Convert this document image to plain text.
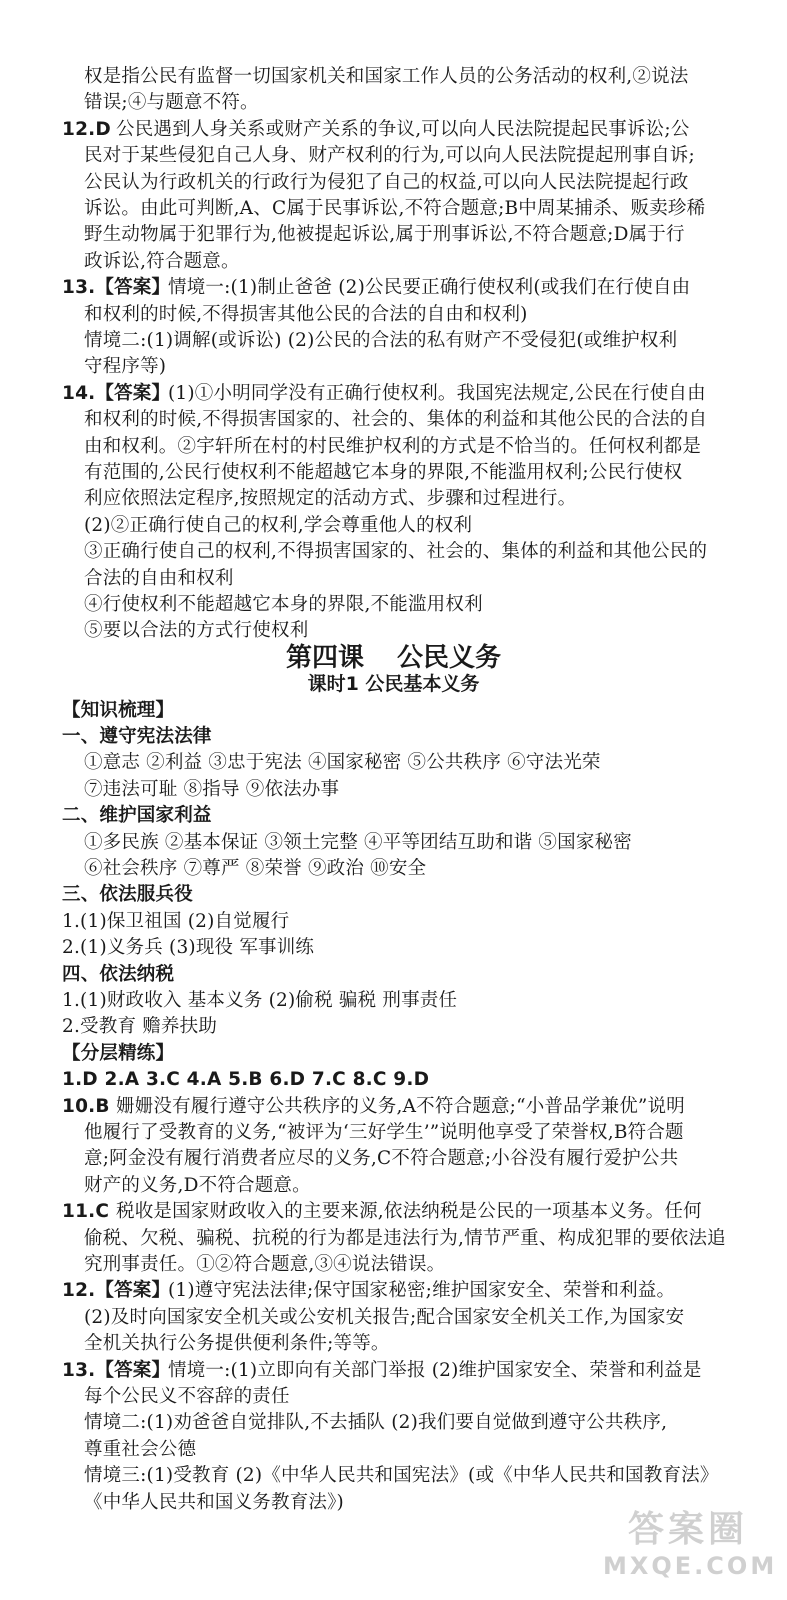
权是指公民有监督一切国家机关和国家工作人员的公务活动的权利,②说法
错误;④与题意不符。
12.D 公民遇到人身关系或财产关系的争议,可以向人民法院提起民事诉讼;公
民对于某些侵犯自己人身、财产权利的行为,可以向人民法院提起刑事自诉;
公民认为行政机关的行政行为侵犯了自己的权益,可以向人民法院提起行政
诉讼。由此可判断,A、C属于民事诉讼,不符合题意;B中周某捕杀、贩卖珍稀
野生动物属于犯罪行为,他被提起诉讼,属于刑事诉讼,不符合题意;D属于行
政诉讼,符合题意。
13.【答案】
情境一:(1)制止爸爸 (2)公民要正确行使权利(或我们在行使自由
和权利的时候,不得损害其他公民的合法的自由和权利)
情境二:(1)调解(或诉讼) (2)公民的合法的私有财产不受侵犯(或维护权利
守程序等)
14.【答案】
(1)①小明同学没有正确行使权利。我国宪法规定,公民在行使自由
和权利的时候,不得损害国家的、社会的、集体的利益和其他公民的合法的自
由和权利。②宇轩所在村的村民维护权利的方式是不恰当的。任何权利都是
有范围的,公民行使权利不能超越它本身的界限,不能滥用权利;公民行使权
利应依照法定程序,按照规定的活动方式、步骤和过程进行。
(2)②正确行使自己的权利,学会尊重他人的权利
③正确行使自己的权利,不得损害国家的、社会的、集体的利益和其他公民的
合法的自由和权利
④行使权利不能超越它本身的界限,不能滥用权利
⑤要以合法的方式行使权利
第四课 公民义务
课时1 公民基本义务
【知识梳理】
一、遵守宪法法律
①意志 ②利益 ③忠于宪法 ④国家秘密 ⑤公共秩序 ⑥守法光荣
⑦违法可耻 ⑧指导 ⑨依法办事
二、维护国家利益
①多民族 ②基本保证 ③领土完整 ④平等团结互助和谐 ⑤国家秘密
⑥社会秩序 ⑦尊严 ⑧荣誉 ⑨政治 ⑩安全
三、依法服兵役
1.(1)保卫祖国 (2)自觉履行
2.(1)义务兵 (3)现役 军事训练
四、依法纳税
1.(1)财政收入 基本义务 (2)偷税 骗税 刑事责任
2.受教育 赡养扶助
【分层精练】
1.D 2.A 3.C 4.A 5.B 6.D 7.C 8.C 9.D
10.B 姗姗没有履行遵守公共秩序的义务,A不符合题意;“小普品学兼优”说明
他履行了受教育的义务,“被评为‘三好学生’”说明他享受了荣誉权,B符合题
意;阿金没有履行消费者应尽的义务,C不符合题意;小谷没有履行爱护公共
财产的义务,D不符合题意。
11.C 税收是国家财政收入的主要来源,依法纳税是公民的一项基本义务。任何
偷税、欠税、骗税、抗税的行为都是违法行为,情节严重、构成犯罪的要依法追
究刑事责任。①②符合题意,③④说法错误。
12.【答案】
(1)遵守宪法法律;保守国家秘密;维护国家安全、荣誉和利益。
(2)及时向国家安全机关或公安机关报告;配合国家安全机关工作,为国家安
全机关执行公务提供便利条件;等等。
13.【答案】
情境一:(1)立即向有关部门举报 (2)维护国家安全、荣誉和利益是
每个公民义不容辞的责任
情境二:(1)劝爸爸自觉排队,不去插队 (2)我们要自觉做到遵守公共秩序,
尊重社会公德
情境三:(1)受教育 (2)《中华人民共和国宪法》(或《中华人民共和国教育法》
《中华人民共和国义务教育法》)
答案圈
MXQE.COM
